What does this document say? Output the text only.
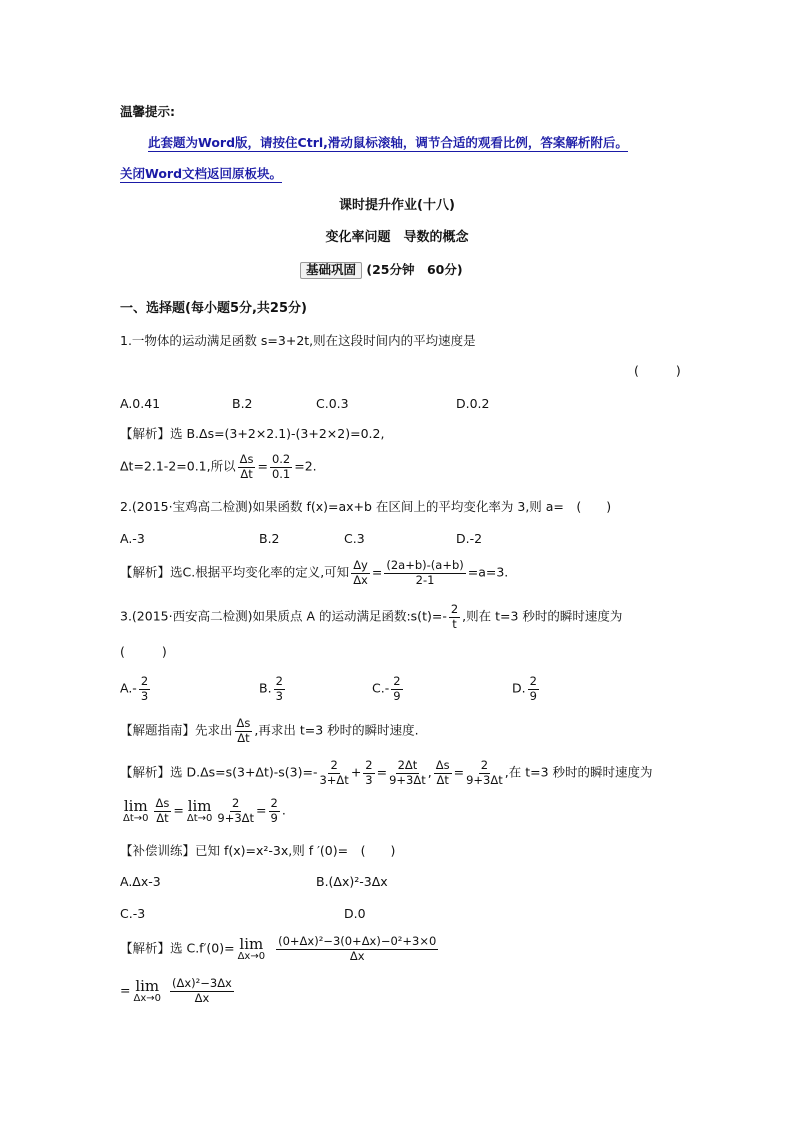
温馨提示:
此套题为Word版，请按住Ctrl,滑动鼠标滚轴，调节合适的观看比例，答案解析附后。
关闭Word文档返回原板块。
课时提升作业(十八)
变化率问题　导数的概念
基础巩固 (25分钟　60分)
一、选择题(每小题5分,共25分)
1.一物体的运动满足函数 s=3+2t,则在这段时间内的平均速度是
(　　)
A.0.41	B.2	C.0.3	D.0.2
【解析】选 B.Δs=(3+2×2.1)-(3+2×2)=0.2,
Δt=2.1-2=0.1,所以 $\frac{\Delta s}{\Delta t} = \frac{0.2}{0.1} =2$.
2.(2015·宝鸡高二检测)如果函数 f(x)=ax+b 在区间上的平均变化率为 3,则 a=　(　　)
A.-3	B.2	C.3	D.-2
【解析】选C.根据平均变化率的定义,可知 $\frac{\Delta y}{\Delta x} = \frac{(2a+b)-(a+b)}{2-1} =a=3$.
3.(2015·西安高二检测)如果质点 A 的运动满足函数:s(t)=- $\frac{2}{t}$ ,则在 t=3 秒时的瞬时速度为
(　　)
$A.- \frac{2}{3}$	B. $\frac{2}{3}$	$C.- \frac{2}{9}$	D. $\frac{2}{9}$
【解题指南】先求出 $\frac{\Delta s}{\Delta t}$ ,再求出 t=3 秒时的瞬时速度.
【解析】选 $D.\Delta s=s(3+\Delta t)-s(3)=- \frac{2}{3+\Delta t} + \frac{2}{3} = \frac{2\Delta t}{9+3\Delta t}$ , $\frac{\Delta s}{\Delta t} = \frac{2}{9+3\Delta t}$ ,在 t=3 秒时的瞬时速度为
lim
$\Delta t\to 0 \frac{\Delta s}{\Delta t} = \lim$
$\Delta t\to 0 \frac{2}{9+3\Delta t} = \frac{2}{9}$ .
【补偿训练】已知 f(x)=x²-3x,则 f ′(0)=　(　　)
A.Δx-3	B.(Δx)²-3Δx
C.-3	D.0
【解析】选 C.f′(0)= lim
$\Delta x\to 0 \frac{\text{(0+Δx)²−3(0+Δx)−0²+3×0}}{\Delta x}$
= lim
$\Delta x\to 0 \frac{\text{(Δx)²−3Δx}}{\Delta x}$
